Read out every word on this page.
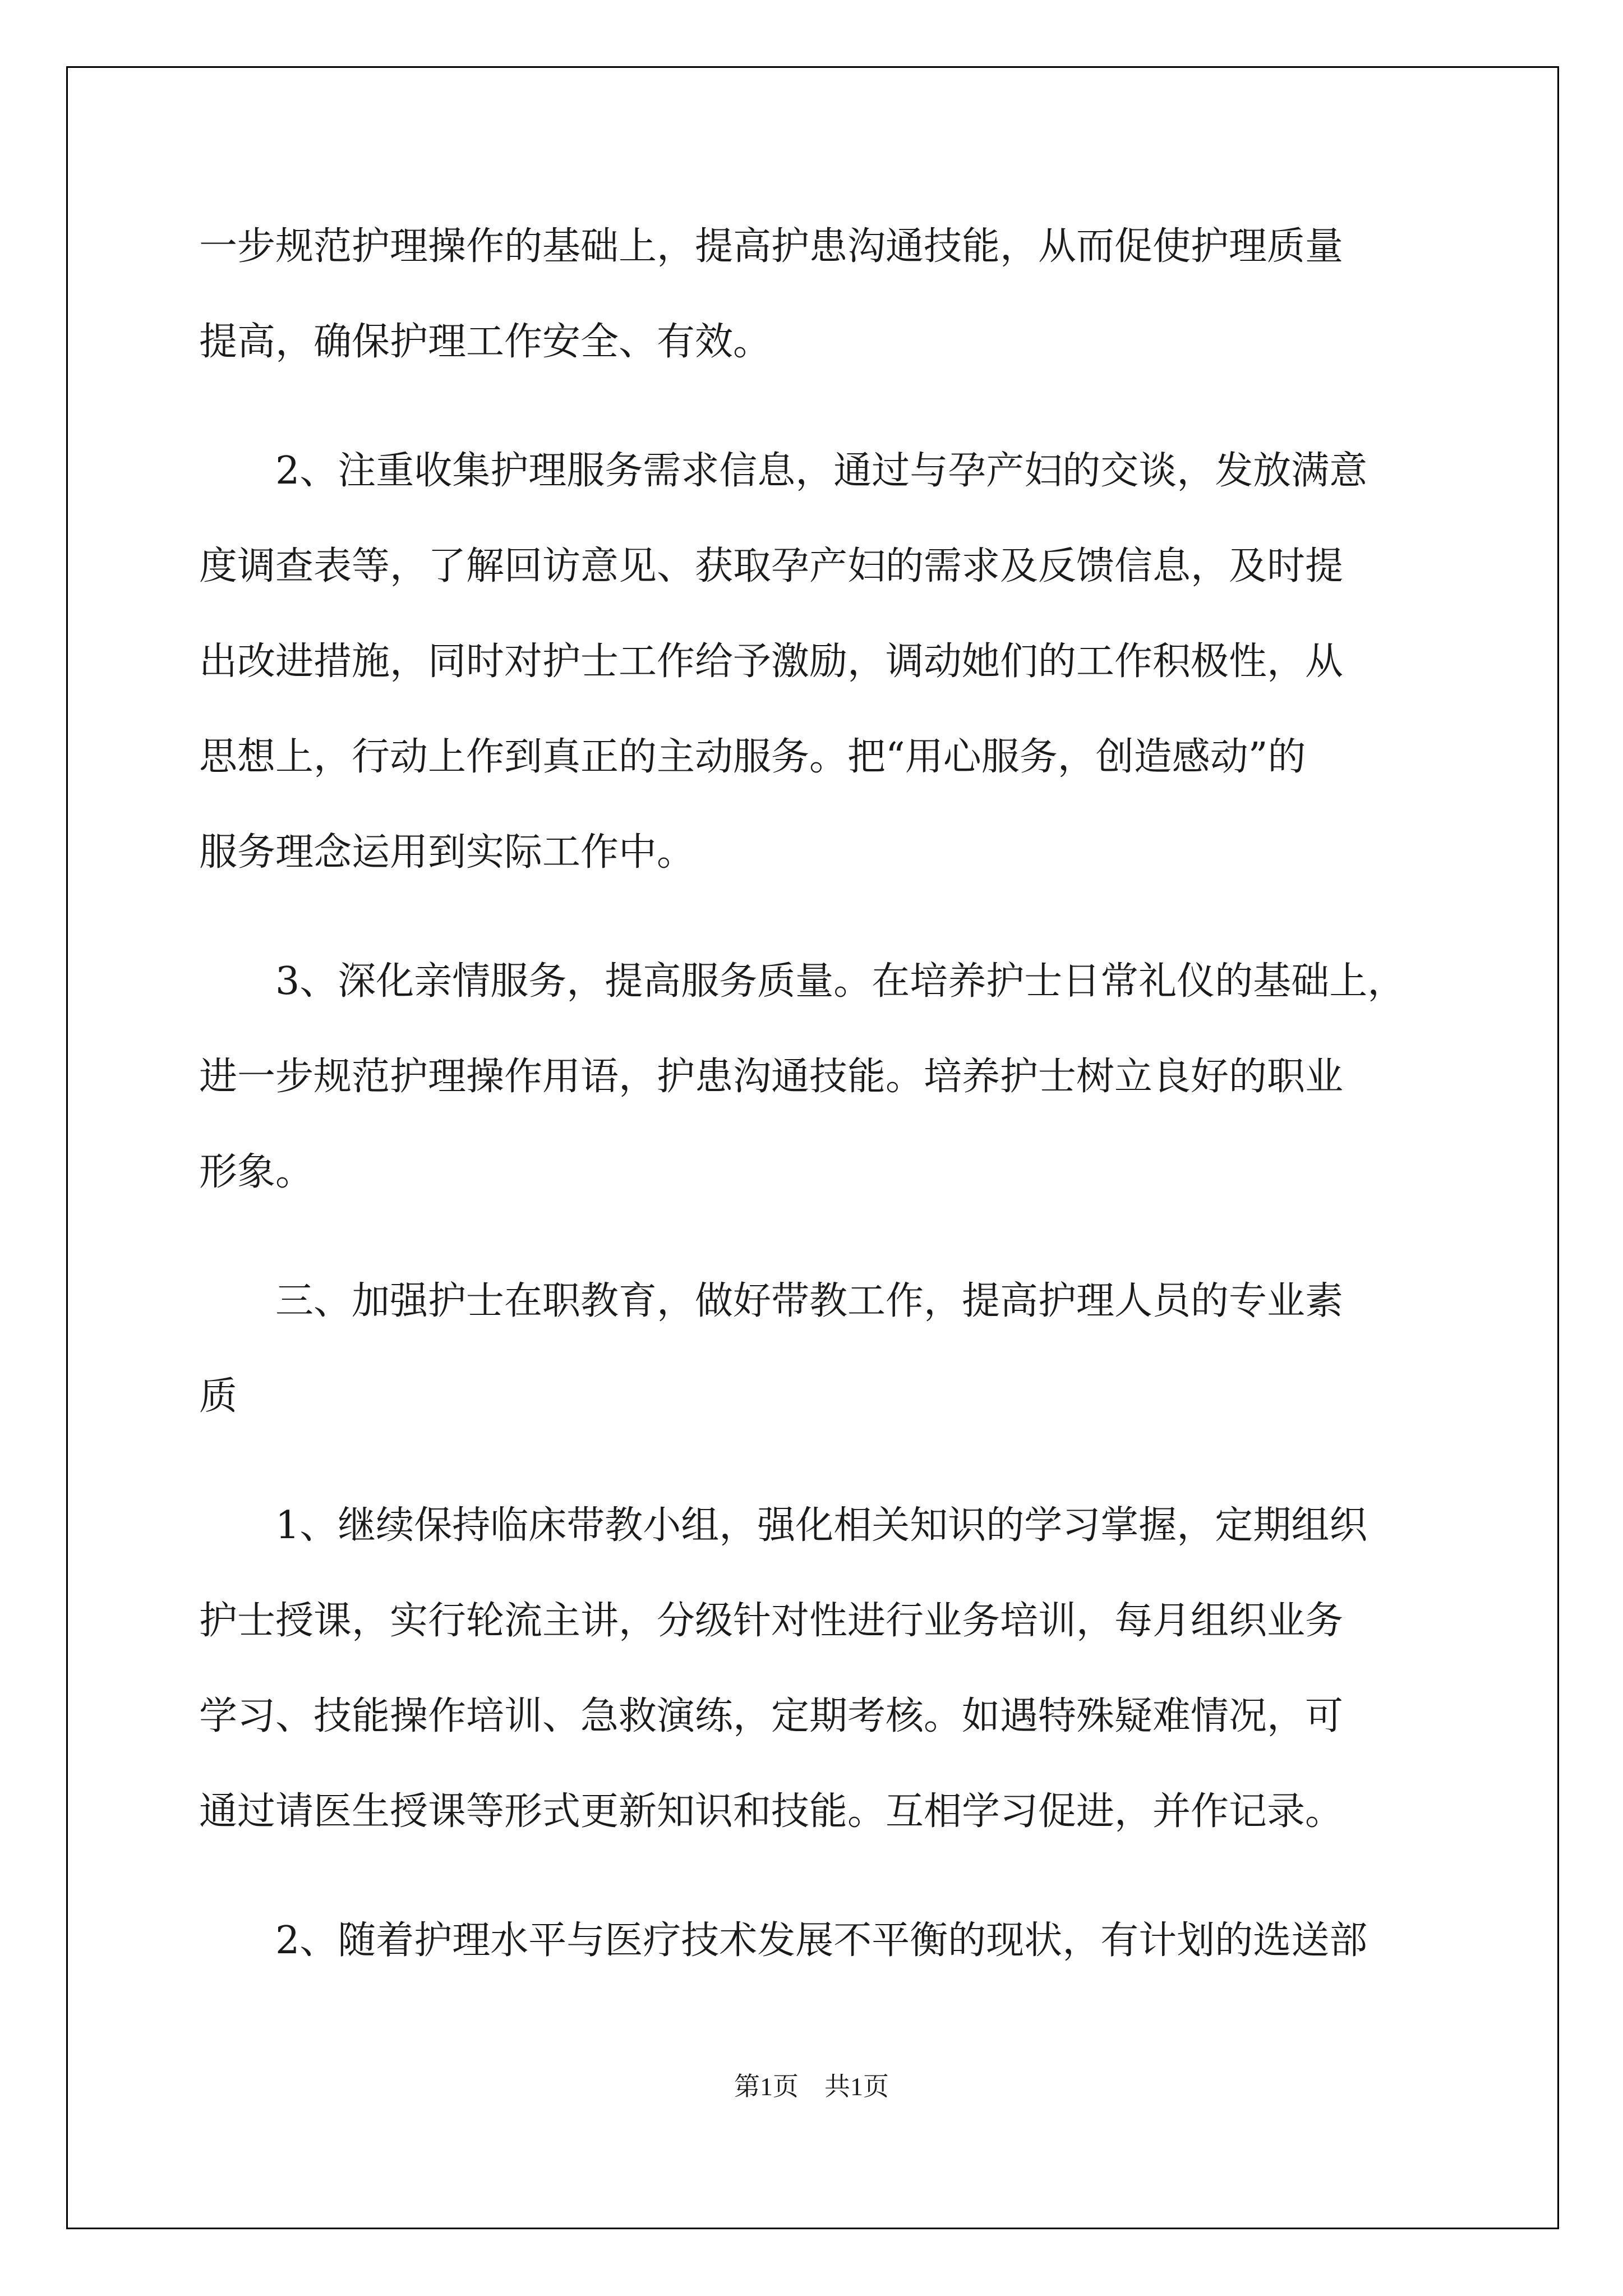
一步规范护理操作的基础上，提高护患沟通技能，从而促使护理质量

提高，确保护理工作安全、有效。

2、注重收集护理服务需求信息，通过与孕产妇的交谈，发放满意

度调查表等，了解回访意见、获取孕产妇的需求及反馈信息，及时提

出改进措施，同时对护士工作给予激励，调动她们的工作积极性，从

思想上，行动上作到真正的主动服务。把“用心服务，创造感动”的

服务理念运用到实际工作中。

3、深化亲情服务，提高服务质量。在培养护士日常礼仪的基础上，

进一步规范护理操作用语，护患沟通技能。培养护士树立良好的职业

形象。

三、加强护士在职教育，做好带教工作，提高护理人员的专业素

质

1、继续保持临床带教小组，强化相关知识的学习掌握，定期组织

护士授课，实行轮流主讲，分级针对性进行业务培训，每月组织业务

学习、技能操作培训、急救演练，定期考核。如遇特殊疑难情况，可

通过请医生授课等形式更新知识和技能。互相学习促进，并作记录。

2、随着护理水平与医疗技术发展不平衡的现状，有计划的选送部

第1页　共1页
